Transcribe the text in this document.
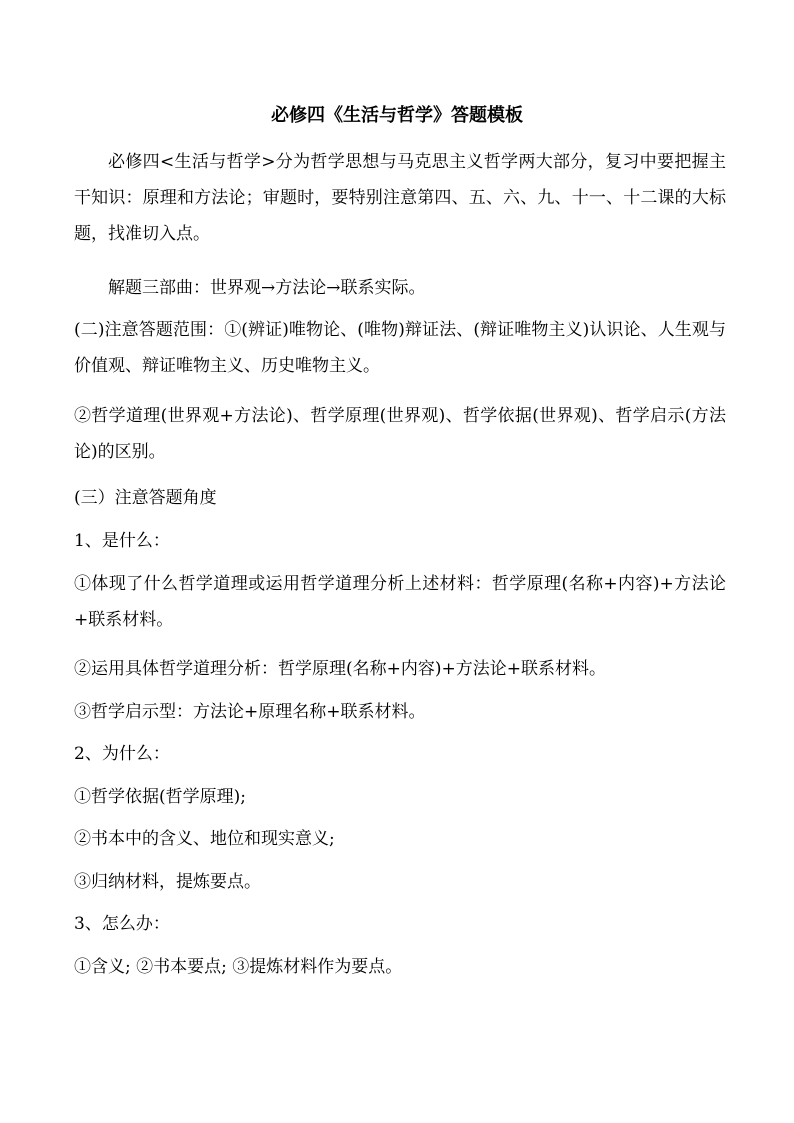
必修四《生活与哲学》答题模板
必修四<生活与哲学>分为哲学思想与马克思主义哲学两大部分，复习中要把握主干知识：原理和方法论；审题时，要特别注意第四、五、六、九、十一、十二课的大标题，找准切入点。
解题三部曲：世界观→方法论→联系实际。
(二)注意答题范围：①(辨证)唯物论、(唯物)辩证法、(辩证唯物主义)认识论、人生观与价值观、辩证唯物主义、历史唯物主义。
②哲学道理(世界观+方法论)、哲学原理(世界观)、哲学依据(世界观)、哲学启示(方法论)的区别。
(三）注意答题角度
1、是什么：
①体现了什么哲学道理或运用哲学道理分析上述材料：哲学原理(名称+内容)+方法论+联系材料。
②运用具体哲学道理分析：哲学原理(名称+内容)+方法论+联系材料。
③哲学启示型：方法论+原理名称+联系材料。
2、为什么：
①哲学依据(哲学原理);
②书本中的含义、地位和现实意义;
③归纳材料，提炼要点。
3、怎么办：
①含义; ②书本要点; ③提炼材料作为要点。
